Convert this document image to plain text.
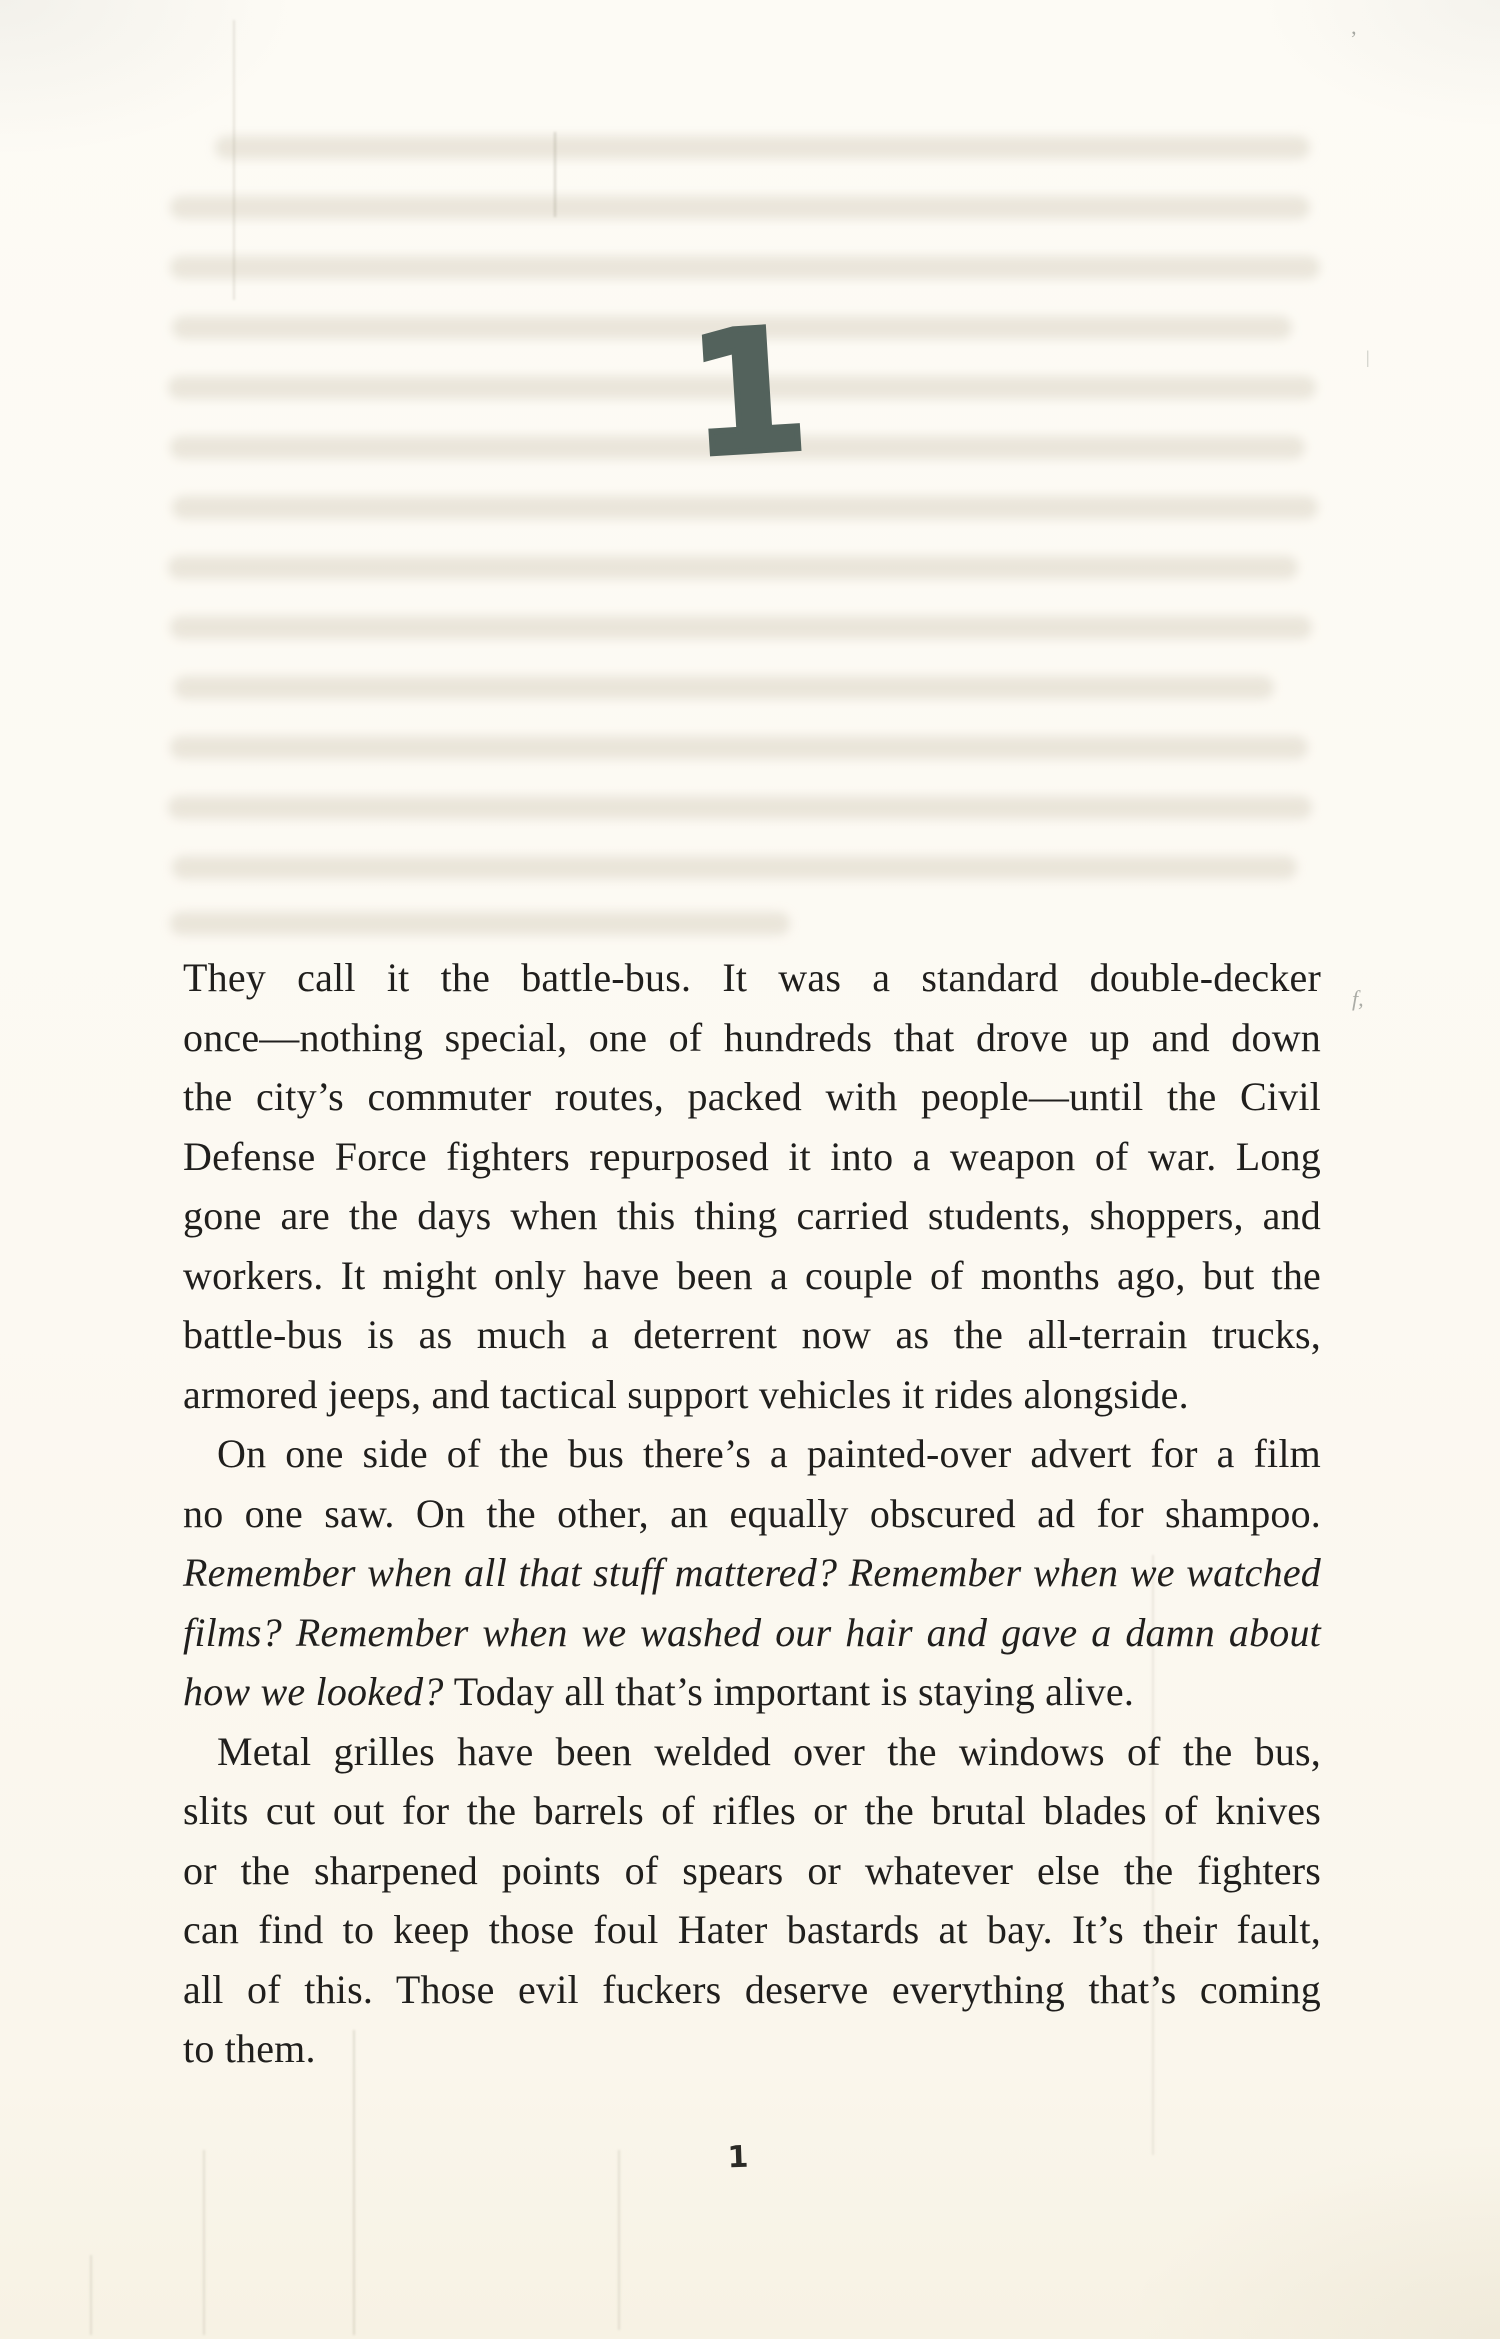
’
|
f,
1
They call it the battle-bus. It was a standard double-decker
once—nothing special, one of hundreds that drove up and down
the city’s commuter routes, packed with people—until the Civil
Defense Force fighters repurposed it into a weapon of war. Long
gone are the days when this thing carried students, shoppers, and
workers. It might only have been a couple of months ago, but the
battle-bus is as much a deterrent now as the all-terrain trucks,
armored jeeps, and tactical support vehicles it rides alongside.
On one side of the bus there’s a painted-over advert for a film
no one saw. On the other, an equally obscured ad for shampoo.
Remember when all that stuff mattered? Remember when we watched
films? Remember when we washed our hair and gave a damn about
how we looked? Today all that’s important is staying alive.
Metal grilles have been welded over the windows of the bus,
slits cut out for the barrels of rifles or the brutal blades of knives
or the sharpened points of spears or whatever else the fighters
can find to keep those foul Hater bastards at bay. It’s their fault,
all of this. Those evil fuckers deserve everything that’s coming
to them.
1
